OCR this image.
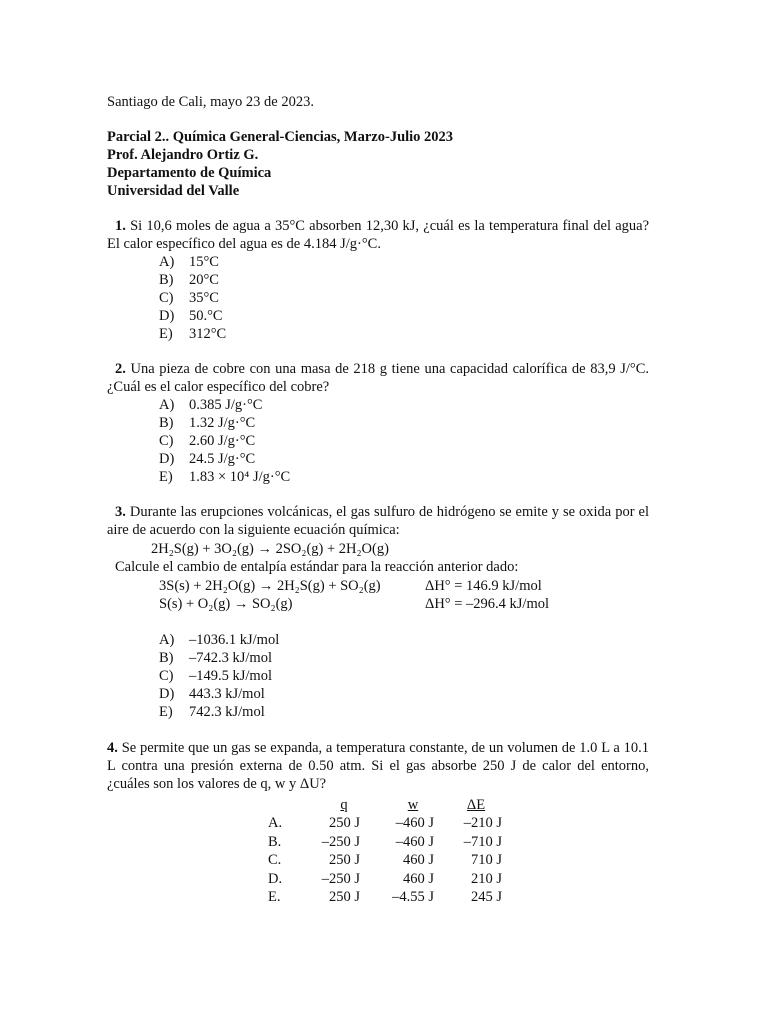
Santiago de Cali, mayo 23 de 2023.
Parcial 2.. Química General-Ciencias, Marzo-Julio 2023
Prof. Alejandro Ortiz G.
Departamento de Química
Universidad del Valle
1. Si 10,6 moles de agua a 35°C absorben 12,30 kJ, ¿cuál es la temperatura final del agua? El calor específico del agua es de 4.184 J/g·°C.
A) 15°C
B) 20°C
C) 35°C
D) 50.°C
E) 312°C
2. Una pieza de cobre con una masa de 218 g tiene una capacidad calorífica de 83,9 J/°C. ¿Cuál es el calor específico del cobre?
A) 0.385 J/g·°C
B) 1.32 J/g·°C
C) 2.60 J/g·°C
D) 24.5 J/g·°C
E) 1.83 × 10⁴ J/g·°C
3. Durante las erupciones volcánicas, el gas sulfuro de hidrógeno se emite y se oxida por el aire de acuerdo con la siguiente ecuación química:
2H₂S(g) + 3O₂(g) → 2SO₂(g) + 2H₂O(g)
Calcule el cambio de entalpía estándar para la reacción anterior dado:
3S(s) + 2H₂O(g) → 2H₂S(g) + SO₂(g)	ΔH° = 146.9 kJ/mol
S(s) + O₂(g) → SO₂(g)	ΔH° = –296.4 kJ/mol
A) –1036.1 kJ/mol
B) –742.3 kJ/mol
C) –149.5 kJ/mol
D) 443.3 kJ/mol
E) 742.3 kJ/mol
4. Se permite que un gas se expanda, a temperatura constante, de un volumen de 1.0 L a 10.1 L contra una presión externa de 0.50 atm. Si el gas absorbe 250 J de calor del entorno, ¿cuáles son los valores de q, w y ΔU?
q	w	ΔE
A.	250 J	–460 J	–210 J
B.	–250 J	–460 J	–710 J
C.	250 J	460 J	710 J
D.	–250 J	460 J	210 J
E.	250 J	–4.55 J	245 J
